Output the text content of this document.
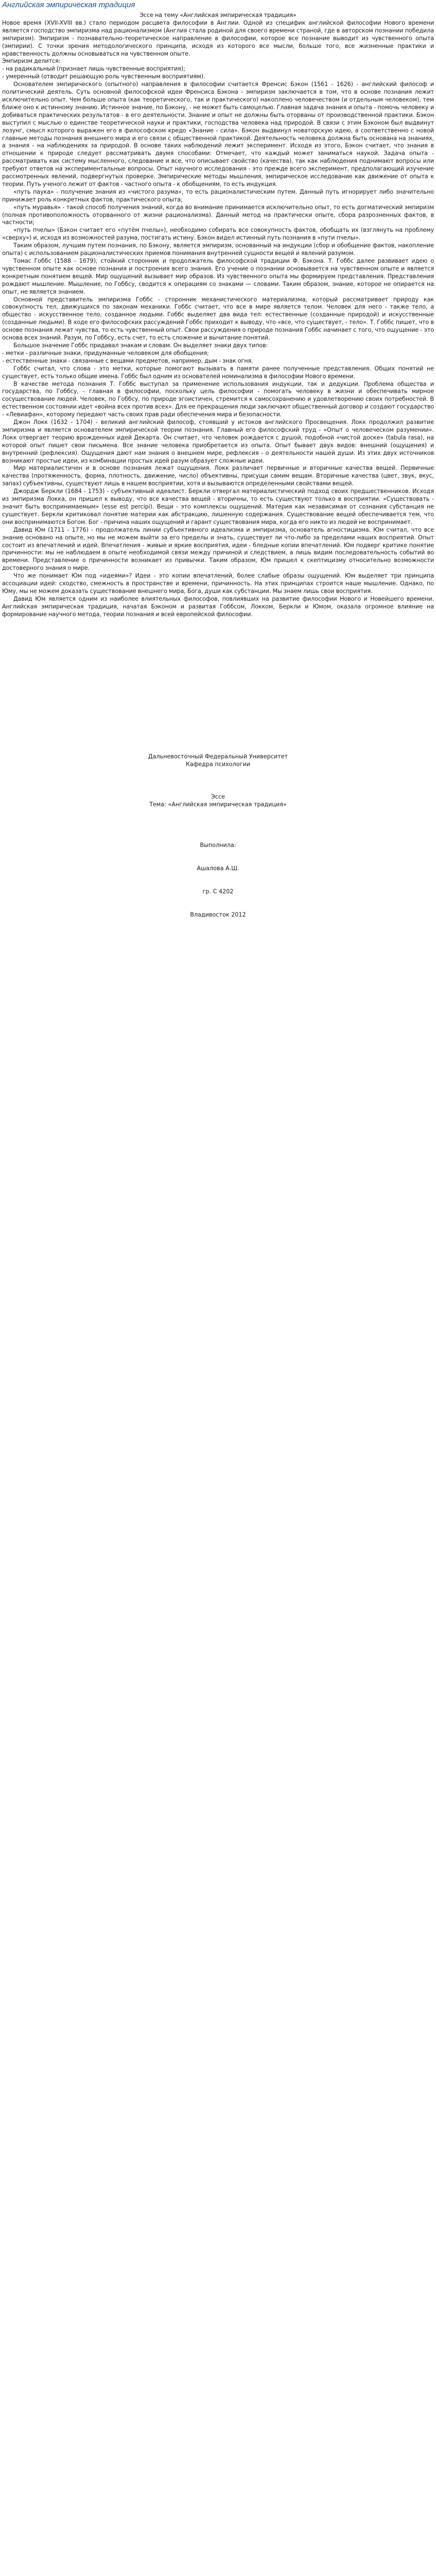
Английская эмпирическая традиция

Эссе на тему «Английская эмпирическая традиция»

Новое время (XVII-XVIII вв.) стало периодом расцвета философии в Англии. Одной из специфик английской философии Нового времени является господство эмпиризма над рационализмом (Англия стала родиной для своего времени страной, где в авторском познании победила эмпиризм). Эмпиризм - познавательно-теоретическое направление в философии, которое все познание выводит из чувственного опыта (эмпирии). С точки зрения методологического принципа, исходя из которого все мысли, больше того, все жизненные практики и нравственность должны основываться на чувственном опыте.

Эмпиризм делится:

- на радикальный (признает лишь чувственные восприятия);

- умеренный (отводит решающую роль чувственным восприятиям).

Основателем эмпирического (опытного) направления в философии считается Френсис Бэкон (1561 - 1626) - английский философ и политический деятель. Суть основной философской идеи Френсиса Бэкона - эмпиризм заключается в том, что в основе познания лежит исключительно опыт. Чем больше опыта (как теоретического, так и практического) накоплено человечеством (и отдельным человеком), тем ближе оно к истинному знанию. Истинное знание, по Бэкону, - не может быть самоцелью. Главная задача знания и опыта - помочь человеку и добиваться практических результатов - в его деятельности. Знание и опыт не должны быть оторваны от производственной практики. Бэкон выступил с мыслью о единстве теоретической науки и практики, господства человека над природой. В связи с этим Бэконом был выдвинут лозунг, смысл которого выражен его в философском кредо «Знание - сила». Бэкон выдвинул новаторскую идею, а соответственно с новой главные методы познания внешнего мира и его связи с общественной практикой. Деятельность человека должна быть основана на знаниях, а знания - на наблюдениях за природой. В основе таких наблюдений лежит эксперимент. Исходя из этого, Бэкон считает, что знания в отношении к природе следует рассматривать двумя способами: Отмечает, что каждый может заниматься наукой. Задача опыта - рассматривать как систему мысленного, следование и все, что описывает свойство (качества), так как наблюдения поднимают вопросы или требуют ответов на экспериментальные вопросы. Опыт научного исследования - это прежде всего эксперимент, предполагающий изучение рассмотренных явлений, подвергнутых проверке. Эмпирические методы мышления, эмпирическое исследование как движение от опыта к теории. Путь ученого лежит от фактов - частного опыта - к обобщениям, то есть индукция.

«путь паука» - получение знания из «чистого разума», то есть рационалистическим путем. Данный путь игнорирует либо значительно принижает роль конкретных фактов, практического опыта;

«путь муравья» - такой способ получения знаний, когда во внимание принимается исключительно опыт, то есть догматический эмпиризм (полная противоположность оторванного от жизни рационализма). Данный метод на практически опыте, сбора разрозненных фактов, в частности;

«путь пчелы» (Бэкон считает его «путём пчелы»), необходимо собирать все совокупность фактов, обобщать их (взглянуть на проблему «сверху») и, исходя из возможностей разума, постигать истину. Бэкон видел истинный путь познания в «пути пчелы».

Таким образом, лучшим путем познания, по Бэкону, является эмпиризм, основанный на индукции (сбор и обобщение фактов, накопление опыта) с использованием рационалистических приемов понимания внутренней сущности вещей и явлений разумом.

Томас Гоббс (1588 - 1679), стойкий сторонник и продолжатель философской традиции Ф. Бэкона. Т. Гоббс далее развивает идею о чувственном опыте как основе познания и построения всего знания. Его учение о познании основывается на чувственном опыте и является конкретным понятием вещей. Мир ощущений вызывает мир образов. Из чувственного опыта мы формируем представления. Представления рождают мышление. Мышление, по Гоббсу, сводится к операциям со знаками — словами. Таким образом, знание, которое не опирается на опыт, не является знанием.

Основной представитель эмпиризма Гоббс - сторонник механистического материализма, который рассматривает природу как совокупность тел, движущихся по законам механики. Гоббс считает, что все в мире является телом. Человек для него - также тело, а общество - искусственное тело, созданное людьми. Гоббс выделяет два вида тел: естественные (созданные природой) и искусственные (созданные людьми). В ходе его философских рассуждений Гоббс приходит к выводу, что «все, что существует, - тело». Т. Гоббс пишет, что в основе познания лежат чувства, то есть чувственный опыт. Свои рассуждения о природе познания Гоббс начинает с того, что ощущение - это основа всех знаний. Разум, по Гоббсу, есть счет, то есть сложение и вычитание понятий.

Большое значение Гоббс придавал знакам и словам. Он выделяет знаки двух типов:

- метки - различные знаки, придуманные человеком для обобщения;

- естественные знаки - связанные с вещами предметов, например, дым - знак огня.

Гоббс считал, что слова - это метки, которые помогают вызывать в памяти ранее полученные представления. Общих понятий не существует, есть только общие имена. Гоббс был одним из основателей номинализма в философии Нового времени.

В качестве метода познания Т. Гоббс выступал за применение использования индукции, так и дедукции. Проблема общества и государства, по Гоббсу, - главная в философии, поскольку цель философии - помогать человеку в жизни и обеспечивать мирное сосуществование людей. Человек, по Гоббсу, по природе эгоистичен, стремится к самосохранению и удовлетворению своих потребностей. В естественном состоянии идет «война всех против всех». Для ее прекращения люди заключают общественный договор и создают государство - «Левиафан», которому передают часть своих прав ради обеспечения мира и безопасности.

Джон Локк (1632 - 1704) - великий английский философ, стоявший у истоков английского Просвещения. Локк продолжил развитие эмпиризма и является основателем эмпирической теории познания. Главный его философский труд - «Опыт о человеческом разумении». Локк отвергает теорию врожденных идей Декарта. Он считает, что человек рождается с душой, подобной «чистой доске» (tabula rasa), на которой опыт пишет свои письмена. Все знание человека приобретается из опыта. Опыт бывает двух видов: внешний (ощущения) и внутренний (рефлексия). Ощущения дают нам знания о внешнем мире, рефлексия - о деятельности нашей души. Из этих двух источников возникают простые идеи, из комбинации простых идей разум образует сложные идеи.

Мир материалистичен и в основе познания лежат ощущения. Локк различает первичные и вторичные качества вещей. Первичные качества (протяженность, форма, плотность, движение, число) объективны, присущи самим вещам. Вторичные качества (цвет, звук, вкус, запах) субъективны, существуют лишь в нашем восприятии, хотя и вызываются определенными свойствами вещей.

Джордж Беркли (1684 - 1753) - субъективный идеалист. Беркли отвергал материалистический подход своих предшественников. Исходя из эмпиризма Локка, он пришел к выводу, что все качества вещей - вторичны, то есть существуют только в восприятии. «Существовать - значит быть воспринимаемым» (esse est percipi). Вещи - это комплексы ощущений. Материя как независимая от сознания субстанция не существует. Беркли критиковал понятие материи как абстракцию, лишенную содержания. Существование вещей обеспечивается тем, что они воспринимаются Богом. Бог - причина наших ощущений и гарант существования мира, когда его никто из людей не воспринимает.

Давид Юм (1711 - 1776) - продолжатель линии субъективного идеализма и эмпиризма, основатель агностицизма. Юм считал, что все знание основано на опыте, но мы не можем выйти за его пределы и знать, существует ли что-либо за пределами наших восприятий. Опыт состоит из впечатлений и идей. Впечатления - живые и яркие восприятия, идеи - бледные копии впечатлений. Юм подверг критике понятие причинности: мы не наблюдаем в опыте необходимой связи между причиной и следствием, а лишь видим последовательность событий во времени. Представление о причинности возникает из привычки. Таким образом, Юм пришел к скептицизму относительно возможности достоверного знания о мире.

Что же понимает Юм под «идеями»? Идеи - это копии впечатлений, более слабые образы ощущений. Юм выделяет три принципа ассоциации идей: сходство, смежность в пространстве и времени, причинность. На этих принципах строится наше мышление. Однако, по Юму, мы не можем доказать существование внешнего мира, Бога, души как субстанции. Мы знаем лишь свои восприятия.

Давид Юм является одним из наиболее влиятельных философов, повлиявших на развитие философии Нового и Новейшего времени. Английская эмпирическая традиция, начатая Бэконом и развитая Гоббсом, Локком, Беркли и Юмом, оказала огромное влияние на формирование научного метода, теории познания и всей европейской философии.

Дальневосточный Федеральный Университет

Кафедра психологии

Эссе

Тема: «Английская эмпирическая традиция»

Выполнила:

Ашалова А.Ш.

гр. С 4202

Владивосток 2012
